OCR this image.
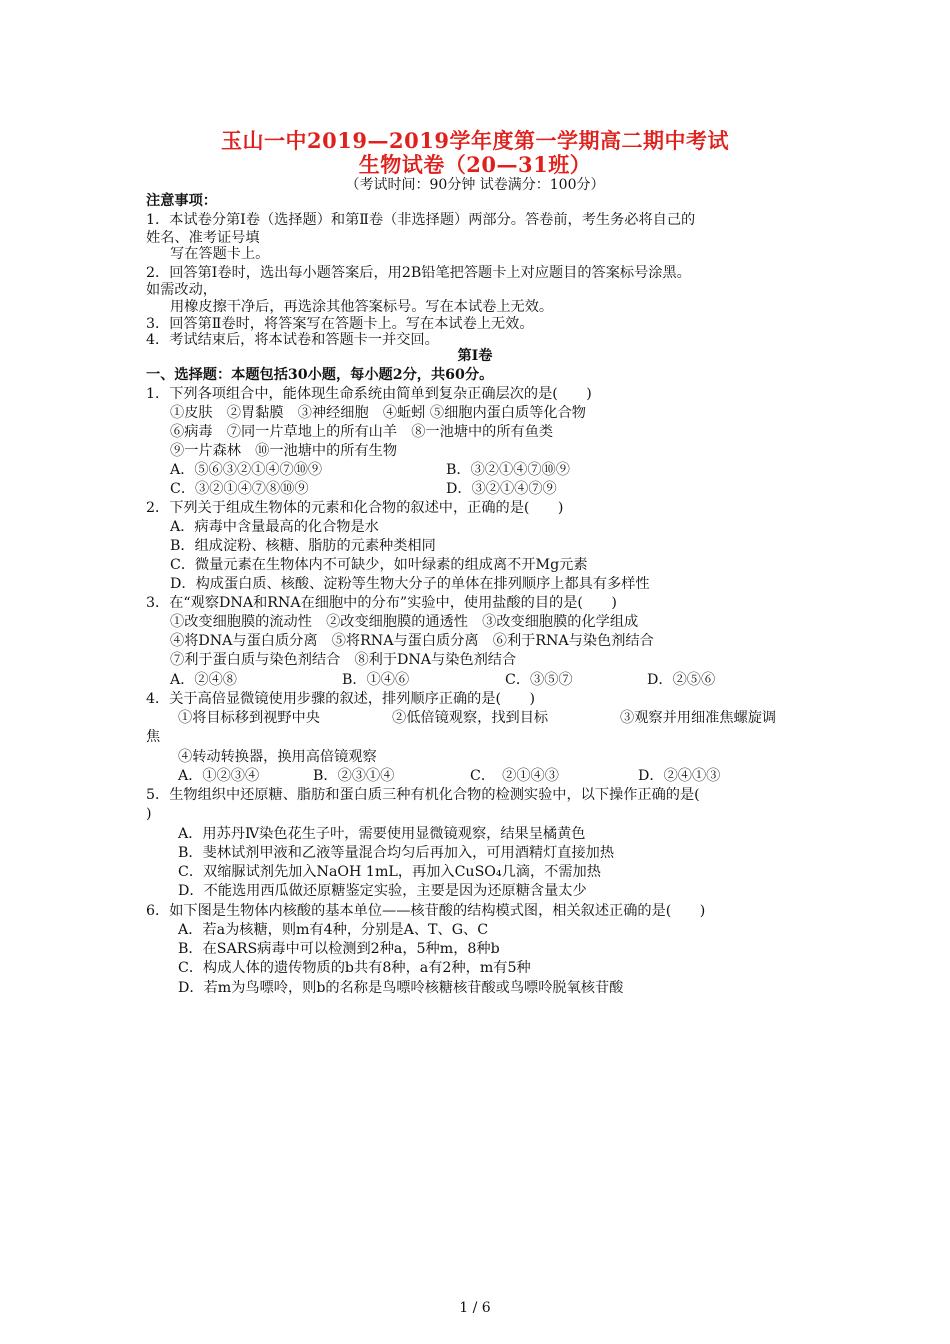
玉山一中2019—2019学年度第一学期高二期中考试
生物试卷（20—31班）
（考试时间：90分钟 试卷满分：100分）
注意事项：
1．本试卷分第Ⅰ卷（选择题）和第Ⅱ卷（非选择题）两部分。答卷前，考生务必将自己的
姓名、准考证号填
写在答题卡上。
2．回答第Ⅰ卷时，选出每小题答案后，用2B铅笔把答题卡上对应题目的答案标号涂黑。
如需改动，
用橡皮擦干净后，再选涂其他答案标号。写在本试卷上无效。
3．回答第Ⅱ卷时，将答案写在答题卡上。写在本试卷上无效。
4．考试结束后，将本试卷和答题卡一并交回。
第Ⅰ卷
一、选择题：本题包括30小题，每小题2分，共60分。
1．下列各项组合中，能体现生命系统由简单到复杂正确层次的是(　　)
①皮肤　②胃黏膜　③神经细胞　④蚯蚓 ⑤细胞内蛋白质等化合物
⑥病毒　⑦同一片草地上的所有山羊　⑧一池塘中的所有鱼类
⑨一片森林　⑩一池塘中的所有生物
A．⑤⑥③②①④⑦⑩⑨	B．③②①④⑦⑩⑨
C．③②①④⑦⑧⑩⑨	D．③②①④⑦⑨
2．下列关于组成生物体的元素和化合物的叙述中，正确的是(　　)
A．病毒中含量最高的化合物是水
B．组成淀粉、核糖、脂肪的元素种类相同
C．微量元素在生物体内不可缺少，如叶绿素的组成离不开Mg元素
D．构成蛋白质、核酸、淀粉等生物大分子的单体在排列顺序上都具有多样性
3．在“观察DNA和RNA在细胞中的分布”实验中，使用盐酸的目的是(　　)
①改变细胞膜的流动性　②改变细胞膜的通透性　③改变细胞膜的化学组成
④将DNA与蛋白质分离　⑤将RNA与蛋白质分离　⑥利于RNA与染色剂结合
⑦利于蛋白质与染色剂结合　⑧利于DNA与染色剂结合
A．②④⑧	B．①④⑥	C．③⑤⑦	D．②⑤⑥
4．关于高倍显微镜使用步骤的叙述，排列顺序正确的是(　　)
①将目标移到视野中央	②低倍镜观察，找到目标	③观察并用细准焦螺旋调
焦
④转动转换器，换用高倍镜观察
A．①②③④	B．②③①④	C．　②①④③	D．②④①③
5．生物组织中还原糖、脂肪和蛋白质三种有机化合物的检测实验中，以下操作正确的是(
)
A．用苏丹Ⅳ染色花生子叶，需要使用显微镜观察，结果呈橘黄色
B．斐林试剂甲液和乙液等量混合均匀后再加入，可用酒精灯直接加热
C．双缩脲试剂先加入NaOH 1mL，再加入CuSO₄几滴，不需加热
D．不能选用西瓜做还原糖鉴定实验，主要是因为还原糖含量太少
6．如下图是生物体内核酸的基本单位——核苷酸的结构模式图，相关叙述正确的是(　　)
A．若a为核糖，则m有4种，分别是A、T、G、C
B．在SARS病毒中可以检测到2种a，5种m，8种b
C．构成人体的遗传物质的b共有8种，a有2种，m有5种
D．若m为鸟嘌呤，则b的名称是鸟嘌呤核糖核苷酸或鸟嘌呤脱氧核苷酸
1 / 6
